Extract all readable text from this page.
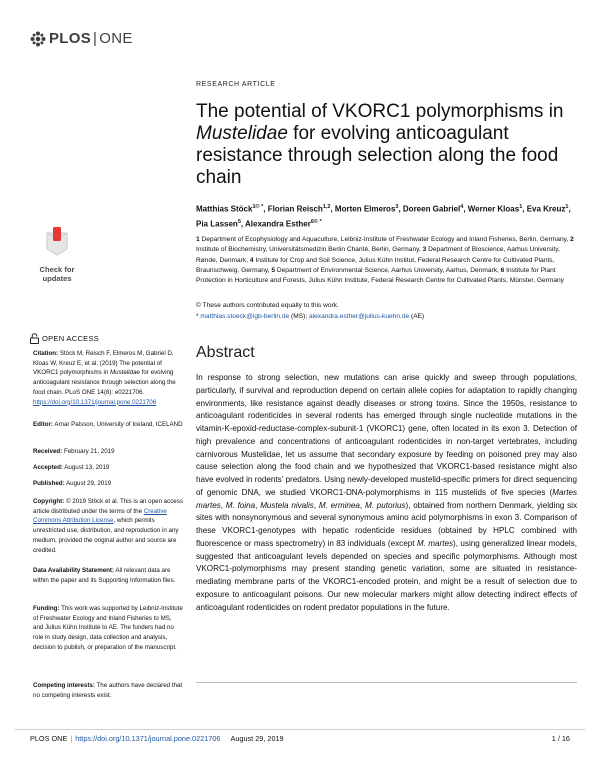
PLOS | ONE
RESEARCH ARTICLE
The potential of VKORC1 polymorphisms in Mustelidae for evolving anticoagulant resistance through selection along the food chain
Matthias Stöck$^{1© *}$, Florian Reisch$^{1,2}$, Morten Elmeros$^3$, Doreen Gabriel$^4$, Werner Kloas$^1$, Eva Kreuz$^1$, Pia Lassen$^5$, Alexandra Esther$^{6© *}$
1 Department of Ecophysiology and Aquaculture, Leibniz-Institute of Freshwater Ecology and Inland Fisheries, Berlin, Germany, 2 Institute of Biochemistry, Universitätsmedizin Berlin Charité, Berlin, Germany, 3 Department of Bioscience, Aarhus University, Rønde, Denmark, 4 Institute for Crop and Soil Science, Julius Kühn Institut, Federal Research Centre for Cultivated Plants, Braunschweig, Germany, 5 Department of Environmental Science, Aarhus University, Aarhus, Denmark, 6 Institute for Plant Protection in Horticulture and Forests, Julius Kühn Institute, Federal Research Centre for Cultivated Plants, Münster, Germany
© These authors contributed equally to this work.
* matthias.stoeck@igb-berlin.de (MS); alexandra.esther@julius-kuehn.de (AE)
Check for
updates
OPEN ACCESS
Citation: Stöck M, Reisch F, Elmeros M, Gabriel D, Kloas W, Kreuz E, et al. (2019) The potential of VKORC1 polymorphisms in Mustelidae for evolving anticoagulant resistance through selection along the food chain. PLoS ONE 14(8): e0221706. https://doi.org/10.1371/journal.pone.0221706
Editor: Arnar Palsson, University of Iceland, ICELAND
Received: February 21, 2019
Accepted: August 13, 2019
Published: August 29, 2019
Copyright: © 2019 Stöck et al. This is an open access article distributed under the terms of the Creative Commons Attribution License, which permits unrestricted use, distribution, and reproduction in any medium, provided the original author and source are credited.
Data Availability Statement: All relevant data are within the paper and its Supporting Information files.
Funding: This work was supported by Leibniz-Institute of Freshwater Ecology and Inland Fisheries to MS, and Julius Kühn Institute to AE. The funders had no role in study design, data collection and analysis, decision to publish, or preparation of the manuscript.
Competing interests: The authors have declared that no competing interests exist.
Abstract
In response to strong selection, new mutations can arise quickly and sweep through populations, particularly, if survival and reproduction depend on certain allele copies for adaptation to rapidly changing environments, like resistance against deadly diseases or strong toxins. Since the 1950s, resistance to anticoagulant rodenticides in several rodents has emerged through single nucleotide mutations in the vitamin-K-epoxid-reductase-complex-subunit-1 (VKORC1) gene, often located in its exon 3. Detection of high prevalence and concentrations of anticoagulant rodenticides in non-target vertebrates, including carnivorous Mustelidae, let us assume that secondary exposure by feeding on poisoned prey may also cause selection along the food chain and we hypothesized that VKORC1-based resistance might also have evolved in rodents’ predators. Using newly-developed mustelid-specific primers for direct sequencing of genomic DNA, we studied VKORC1-DNA-polymorphisms in 115 mustelids of five species (Martes martes, M. foina, Mustela nivalis, M. erminea, M. putorius), obtained from northern Denmark, yielding six sites with nonsynonymous and several synonymous amino acid polymorphisms in exon 3. Comparison of these VKORC1-genotypes with hepatic rodenticide residues (obtained by HPLC combined with fluorescence or mass spectrometry) in 83 individuals (except M. martes), using generalized linear models, suggested that anticoagulant levels depended on species and specific polymorphisms. Although most VKORC1-polymorphisms may present standing genetic variation, some are situated in resistance-mediating membrane parts of the VKORC1-encoded protein, and might be a result of selection due to exposure to anticoagulant poisons. Our new molecular markers might allow detecting indirect effects of anticoagulant rodenticides on rodent predator populations in the future.
PLOS ONE | https://doi.org/10.1371/journal.pone.0221706 August 29, 2019	1 / 16
